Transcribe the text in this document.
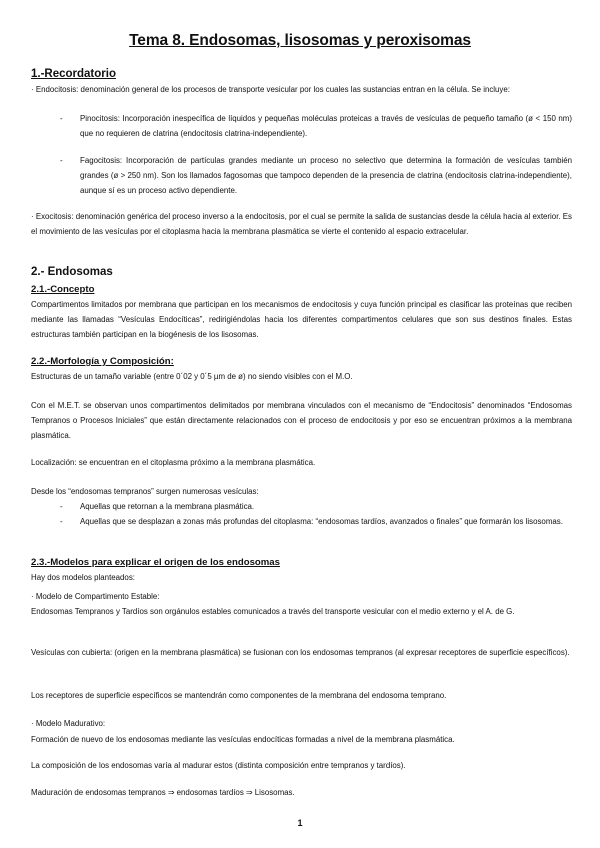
Tema 8. Endosomas, lisosomas y peroxisomas
1.-Recordatorio
· Endocitosis: denominación general de los procesos de transporte vesicular por los cuales las sustancias entran en la célula. Se incluye:
- Pinocitosis: Incorporación inespecífica de líquidos y pequeñas moléculas proteicas a través de vesículas de pequeño tamaño (ø < 150 nm) que no requieren de clatrina (endocitosis clatrina-independiente).
- Fagocitosis: Incorporación de partículas grandes mediante un proceso no selectivo que determina la formación de vesículas también grandes (ø > 250 nm). Son los llamados fagosomas que tampoco dependen de la presencia de clatrina (endocitosis clatrina-independiente), aunque sí es un proceso activo dependiente.
· Exocitosis: denominación genérica del proceso inverso a la endocitosis, por el cual se permite la salida de sustancias desde la célula hacia al exterior. Es el movimiento de las vesículas por el citoplasma hacia la membrana plasmática se vierte el contenido al espacio extracelular.
2.- Endosomas
2.1.-Concepto
Compartimentos limitados por membrana que participan en los mecanismos de endocitosis y cuya función principal es clasificar las proteínas que reciben mediante las llamadas “Vesículas Endocíticas”, redirigiéndolas hacia los diferentes compartimentos celulares que son sus destinos finales. Estas estructuras también participan en la biogénesis de los lisosomas.
2.2.-Morfología y Composición:
Estructuras de un tamaño variable (entre 0´02 y 0´5 µm de ø) no siendo visibles con el M.O.
Con el M.E.T. se observan unos compartimentos delimitados por membrana vinculados con el mecanismo de “Endocitosis” denominados “Endosomas Tempranos o Procesos Iniciales” que están directamente relacionados con el proceso de endocitosis y por eso se encuentran próximos a la membrana plasmática.
Localización: se encuentran en el citoplasma próximo a la membrana plasmática.
Desde los “endosomas tempranos” surgen numerosas vesículas:
- Aquellas que retornan a la membrana plasmática.
- Aquellas que se desplazan a zonas más profundas del citoplasma: “endosomas tardíos, avanzados o finales” que formarán los lisosomas.
2.3.-Modelos para explicar el origen de los endosomas
Hay dos modelos planteados:
· Modelo de Compartimento Estable:
Endosomas Tempranos y Tardíos son orgánulos estables comunicados a través del transporte vesicular con el medio externo y el A. de G.
Vesículas con cubierta: (origen en la membrana plasmática) se fusionan con los endosomas tempranos (al expresar receptores de superficie específicos).
Los receptores de superficie específicos se mantendrán como componentes de la membrana del endosoma temprano.
· Modelo Madurativo:
Formación de nuevo de los endosomas mediante las vesículas endocíticas formadas a nivel de la membrana plasmática.
La composición de los endosomas varía al madurar estos (distinta composición entre tempranos y tardíos).
Maduración de endosomas tempranos ⇒ endosomas tardíos ⇒ Lisosomas.
1
